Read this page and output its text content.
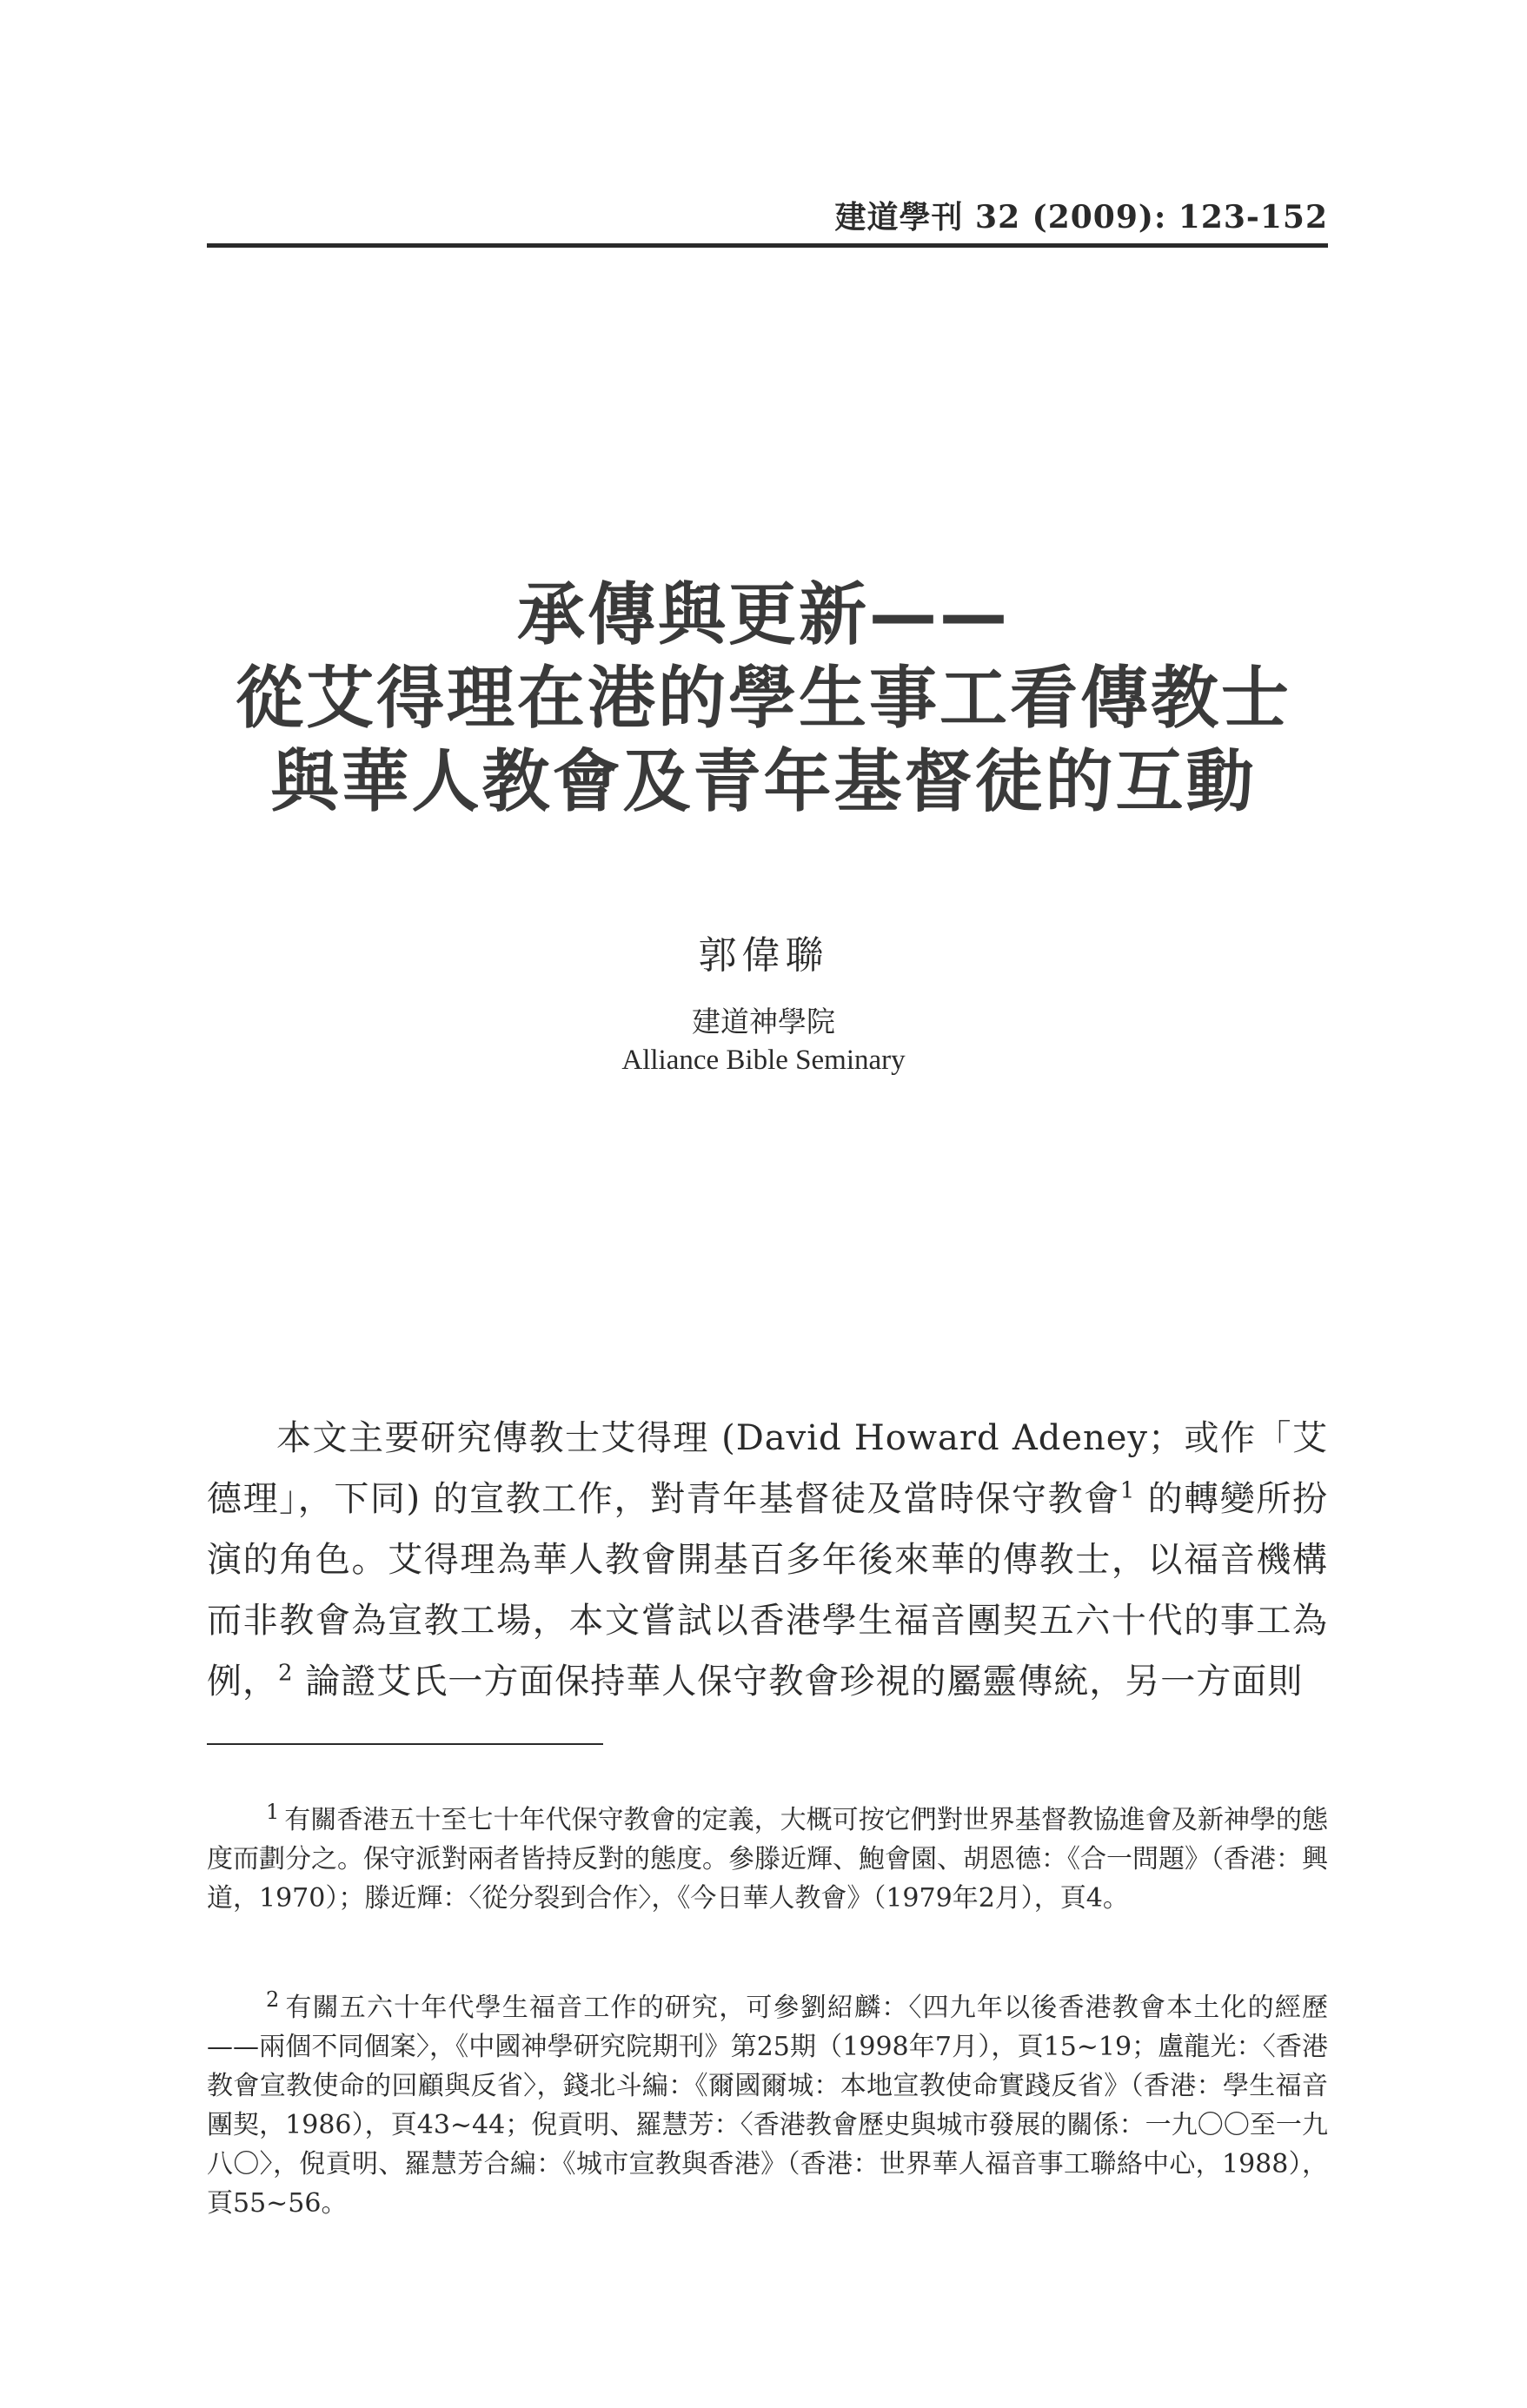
建道學刊 32 (2009): 123-152
承傳與更新——
從艾得理在港的學生事工看傳教士
與華人教會及青年基督徒的互動
郭偉聯
建道神學院
Alliance Bible Seminary

本文主要研究傳教士艾得理 (David Howard Adeney；或作「艾德理」，下同) 的宣教工作，對青年基督徒及當時保守教會$^1$ 的轉變所扮演的角色。艾得理為華人教會開基百多年後來華的傳教士，以福音機構而非教會為宣教工場，本文嘗試以香港學生福音團契五六十代的事工為例，$^2$ 論證艾氏一方面保持華人保守教會珍視的屬靈傳統，另一方面則

$^1$ 有關香港五十至七十年代保守教會的定義，大概可按它們對世界基督教協進會及新神學的態度而劃分之。保守派對兩者皆持反對的態度。參滕近輝、鮑會園、胡恩德：《合一問題》（香港：興道，1970）；滕近輝：〈從分裂到合作〉，《今日華人教會》（1979年2月），頁4。

$^2$ 有關五六十年代學生福音工作的研究，可參劉紹麟：〈四九年以後香港教會本土化的經歷——兩個不同個案〉，《中國神學研究院期刊》第25期（1998年7月），頁15~19；盧龍光：〈香港教會宣教使命的回顧與反省〉，錢北斗編：《爾國爾城：本地宣教使命實踐反省》（香港：學生福音團契，1986），頁43~44；倪貢明、羅慧芳：〈香港教會歷史與城市發展的關係：一九〇〇至一九八〇〉，倪貢明、羅慧芳合編：《城市宣教與香港》（香港：世界華人福音事工聯絡中心，1988），頁55~56。
